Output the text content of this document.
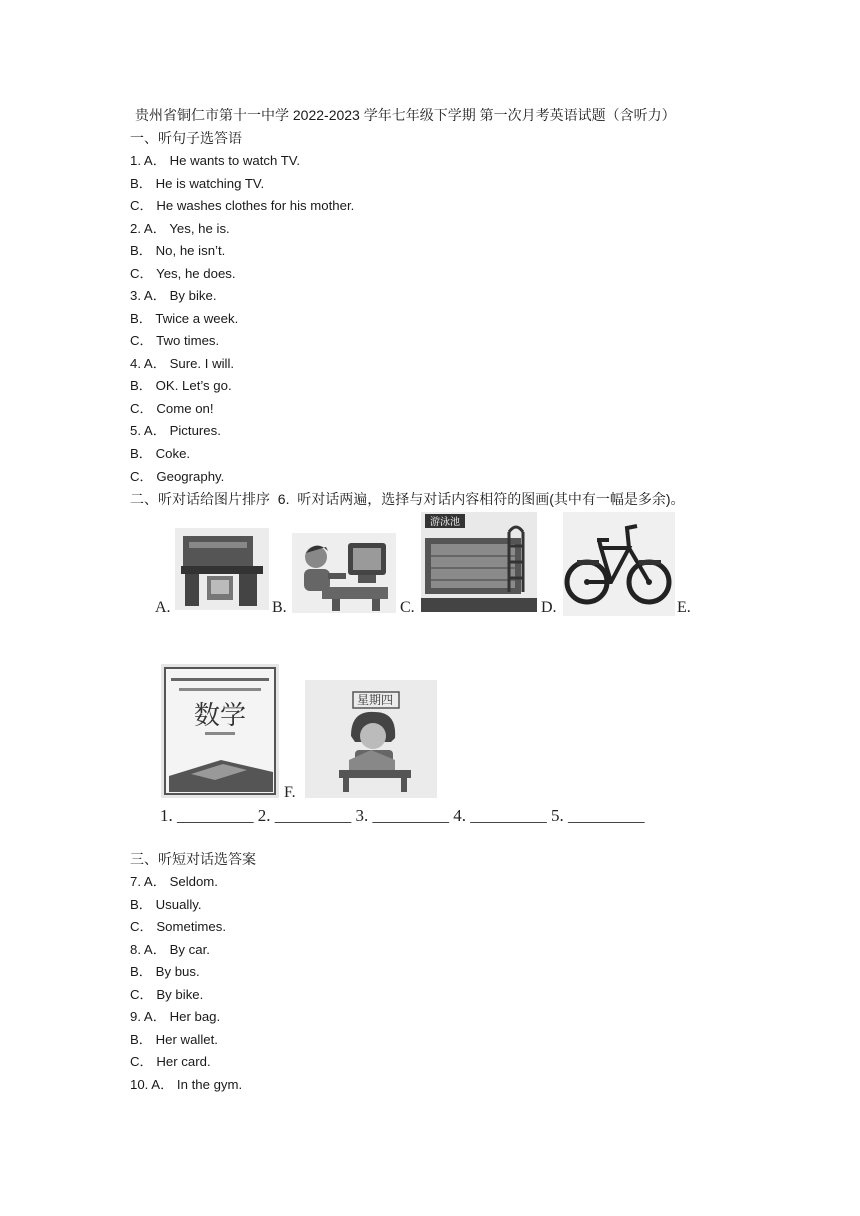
贵州省铜仁市第十一中学 2022-2023 学年七年级下学期 第一次月考英语试题（含听力）
一、听句子选答语
1. A． He wants to watch TV.
B． He is watching TV.
C． He washes clothes for his mother.
2. A． Yes, he is.
B． No, he isn’t.
C． Yes, he does.
3. A． By bike.
B． Twice a week.
C． Two times.
4. A． Sure. I will.
B． OK. Let’s go.
C． Come on!
5. A． Pictures.
B． Coke.
C． Geography.
二、听对话给图片排序  6.  听对话两遍，选择与对话内容相符的图画(其中有一幅是多余)。
A.	B.
游泳池
C.	D.	E.
数学
F.
星期四
1. _________ 2. _________ 3. _________ 4. _________ 5. _________
三、听短对话选答案
7. A． Seldom.
B． Usually.
C． Sometimes.
8. A． By car.
B． By bus.
C． By bike.
9. A． Her bag.
B． Her wallet.
C． Her card.
10. A． In the gym.
